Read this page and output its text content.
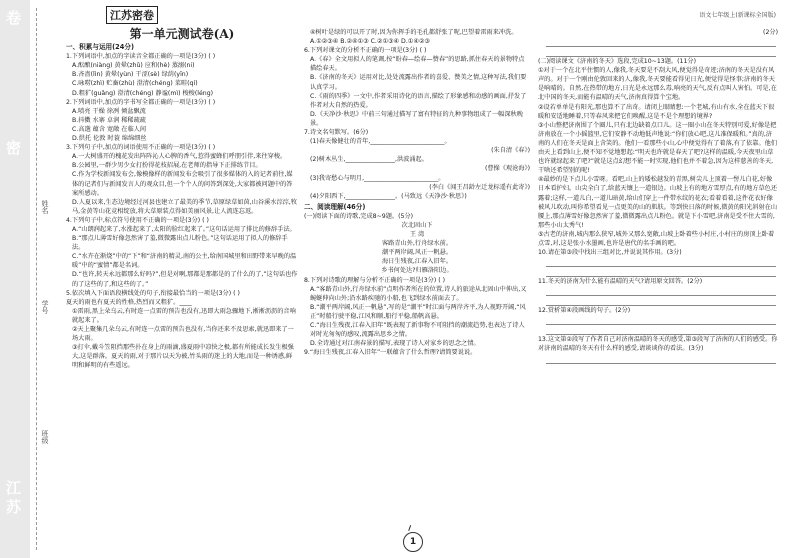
卷
密
江苏
姓名
学号
班级
江苏密卷	语文七年级上(新课标全国版)
第一单元测试卷(A)
一、积累与运用(24分)
1.下列词语中,加点的字读音全都正确的一项是(3分) ( )
A.酝酿(niàng) 黄晕(zhǔ) 应和(hè) 蒸溺(ni)
B.吝啬(lìn) 黄晕(yùn) 干涩(sè) 绿荫(yīn)
C.咏唠(zhì) 贮畜(zhù) 澄清(chéng) 菜畦(qí)
D.粗犷(guǎng) 澄清(chéng) 静谧(mì) 梭梭(léng)
2.下列词语中,加点的字书写全都正确的一项是(3分) ( )
A.喷亮 干燥 徐冽 倾盆飘流
B.抖擞 水寨 卓润 稀稀疏疏
C.高邈 蕴含 宽敞 在临人间
D.烘托 伦敦 时蓑 绵绵细丝
3.下列句子中,加点的词语使用不正确的一项是(3分) ( )
A.一大树盛开的槐花发出阵阵沁人心脾的香气,惹得蜜蜂们呼朋引伴,来往穿梭。
B.公园里,一群少男少女打扮得花枝招展,在老师的指导下正排练节目。
C.作为学校新闻发布会,像模像样的新闻发布会吸引了很多媒体的入的记者前往,媒体的记者们与新闻发言人的观众目,但一个个人的问答到深处,大家都被问题中的答案所感动。
D.人夏以来,生态边境经过河县也建立了最美的季节,草原绿草如茵,山谷溪水淙淙,牧马,金黄等山花竞相绽放,将大草原装点得如美丽风景,让人流连忘返。
4.下列句子中,标点符号使用不正确的一项是(3分) ( )
A.“山朗润起来了,水涨起来了,太阳的脸红起来了。”这句话运用了排比的修辞手法。
B.“那点儿薄雪好像忽然害了羞,微微露出点儿粉色。”这句话运用了拟人的修辞手法。
C.“水卉在渐烧”中的“下”和“济南的精灵,南的公主,给南国城里和田野带来早晚的温暖”中的“蜜情”都是名词。
D.“也许,转天永远都那么好吗?”,但是对啊,那都是那都是的了什么的了,”这句话也作的了这些的了,和这些的了。”
5.依次填入下面语段横线处的句子,衔接最恰当的一项是(3分) ( )
夏天的雨也有夏天的性格,热烈而又粗犷。____
①雷雨,黑上朵乌云,有时连一点雷的预告也没有,迅即大雨急骤地下,淅淅沥沥的音响就起来了。
②天上聚集几朵乌云,有时连一点雷的预告也没有,当你还来不及思索,就迅即来了一场大雨。
③打伞,戴斗笠阻挡那些扑在身上的雨滴,盛夏雨中凉快之极,都有所能成长发生极强大,这是群落。夏天的雨,对于那片以天为被,竹头雨的迷上的大地,而是一种诱惑,鲜明和鲜明的有些遥远。
④树叶是绿的可以开了时,因为你挥手的毛孔都舒张了呢,巴望着雷雨来冲洗。
A.①②③④ B.②④①③ C.②①③④ D.①④②③
6.下列对课文的分析不正确的一项是(3分) ( )
A.《春》全文用拟人的笔调,按“盼春—绘春—赞春”的思路,抓住春天的景物特点描绘春天。
B.《济南的冬天》运用对比,处处流露出作者的喜爱、赞美之情,这种写法,我们要认真学习。
C.《雨的四季》一文中,作者采用诗化的语言,描绘了形象感和动感的画面,抒发了作者对大自然的热爱。
D.《天净沙·秋思》中前三句通过描写了富有特征的九种事物组成了一幅深秋晚景。
7.诗文名句默写。(6分)
(1)春天像健壮的青年,________________________。
(朱自清《春》)
(2)树木丛生,________________,洪波涌起。
(曹操《观沧海》)
(3)我寄愁心与明月,________________________。
(李白《闻王昌龄左迁龙标遥有此寄》)
(4)夕阳西下,________________。(马致远《天净沙·秋思》)
二、阅读理解(46分)
(一)阅读下面的诗歌,完成8~9题。(5分)
次北固山下
王 湾
客路青山外,行舟绿水前。
潮平两岸阔,风正一帆悬。
海日生残夜,江春入旧年。
乡书何处达?归雁洛阳边。
8.下列对诗歌的理解与分析不正确的一项是(3分) ( )
A.“客路青山外,行舟绿水前”点明作者所在的位置,诗人的旅途从北固山中伸出,又蜿蜒伸向山外;沿水路疾驰的小船,也飞到绿水前面去了。
B.“潮平两岸阔,风正一帆悬”,写的是“潮平”时江面与两岸齐平,为人视野开阔,“风正”时船行驶平稳,江风和顺,船行平稳,船帆高悬。
C.“海日生残夜,江春入旧年”既表现了新事物不可阻挡的潮流趋势,也表达了诗人对时光匆匆的感叹,流露出思乡之情。
D.全诗通过对江南春景的描写,表现了诗人对家乡的思念之情。
9.“海日生残夜,江春入旧年”一联蕴含了什么哲理?请简要说说。
(2分)
(二)阅读课文《济南的冬天》选段,完成10~13题。(11分)
①对于一个在北平住惯的人,像我,冬天要是不刮大风,便觉得是奇迹;济南的冬天是没有风声的。对于一个刚由伦敦回来的人,像我,冬天要能看得见日光,便觉得是怪事;济南的冬天是响晴的。自然,在热带的地方,日光是永远那么毒,响亮的天气,反有点叫人害怕。可是,在北中国的冬天,而能有温晴的天气,济南真得算个宝地。
②设若单单是有阳光,那也算不了出奇。请闭上眼睛想:一个老城,有山有水,全在蓝天下很暖和安适地睡着,只等春风来把它们唤醒,这是不是个理想的境界?
③小山整把济南围了个圈儿,只有北边缺着点口儿。这一圈小山在冬天特别可爱,好像是把济南放在一个小摇篮里,它们安静不动地低声地说:“你们放心吧,这儿准保暖和。”真的,济南的人们在冬天是面上含笑的。他们一看那些小山,心中便觉得有了着落,有了依靠。他们由天上看到山上,便不知不觉地想起:“明天也许就是春天了吧?这样的温暖,今天夜里山草也许就绿起来了吧?”就是这点幻想不能一时实现,他们也并不着急,因为这样慈善的冬天,干啥还希望别的呢!
④最妙的是下点儿小雪呀。看吧,山上的矮松越发的青黑,树尖儿上顶着一髻儿白花,好像日本看护妇。山尖全白了,给蓝天镶上一道银边。山坡上有的地方雪厚点,有的地方草色还露着;这样,一道儿白,一道儿暗黄,给山们穿上一件带水纹的花衣;看着看着,这件花衣好像被风儿吹动,叫你希望看见一点更美的山的肌肤。等到快日落的时候,微黄的阳光斜射在山腰上,那点薄雪好像忽然害了羞,微微露出点儿粉色。就是下小雪吧,济南是受不住大雪的,那些小山太秀气!
⑤古老的济南,城内那么狭窄,城外又那么宽敞,山坡上卧着些小村庄,小村庄的房顶上卧着点雪,对,这是张小水墨画,也许是唐代的名手画的吧。
10.请在第③段中找出三组对比,并说说其作用。(3分)
11.冬天的济南为什么能有温晴的天气?请用原文回答。(2分)
12.赏析第④段画线的句子。(2分)
13.这文第②段写了作者自己对济南温晴的冬天的感受,第③段写了济南的人们的感受。你对济南的温晴的冬天有什么样的感受,请谈谈你的看法。(3分)
1
